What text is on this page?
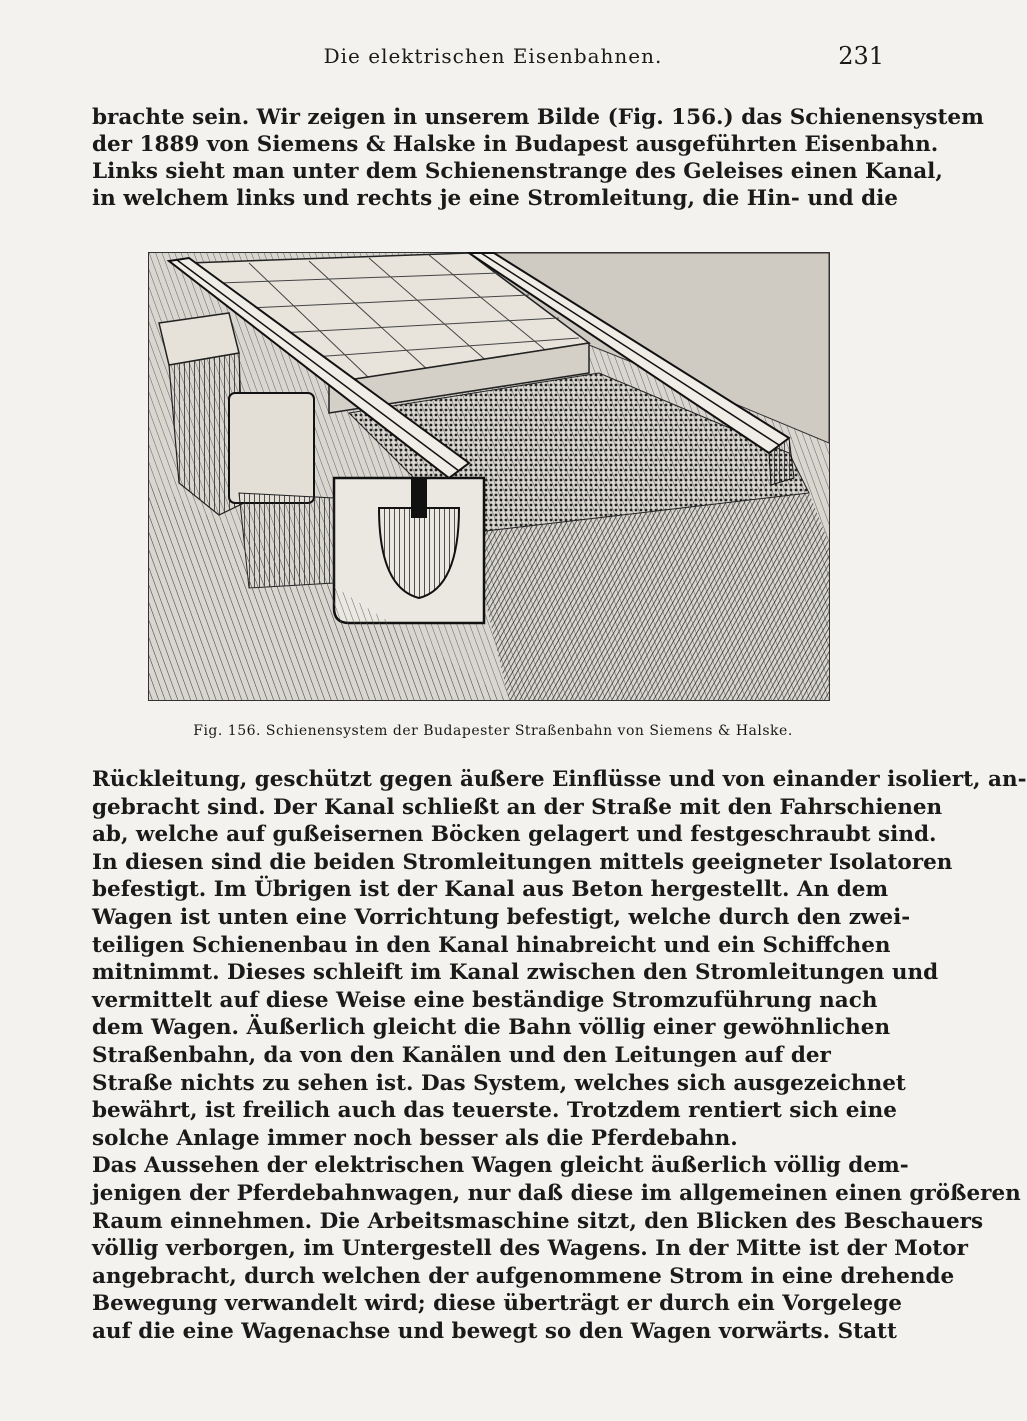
Die elektrischen Eisenbahnen.	231
brachte sein. Wir zeigen in unserem Bilde (Fig. 156.) das Schienensystem
der 1889 von Siemens & Halske in Budapest ausgeführten Eisenbahn.
Links sieht man unter dem Schienenstrange des Geleises einen Kanal,
in welchem links und rechts je eine Stromleitung, die Hin- und die
Fig. 156. Schienensystem der Budapester Straßenbahn von Siemens & Halske.
Rückleitung, geschützt gegen äußere Einflüsse und von einander isoliert, an-
gebracht sind. Der Kanal schließt an der Straße mit den Fahrschienen
ab, welche auf gußeisernen Böcken gelagert und festgeschraubt sind.
In diesen sind die beiden Stromleitungen mittels geeigneter Isolatoren
befestigt. Im Übrigen ist der Kanal aus Beton hergestellt. An dem
Wagen ist unten eine Vorrichtung befestigt, welche durch den zwei-
teiligen Schienenbau in den Kanal hinabreicht und ein Schiffchen
mitnimmt. Dieses schleift im Kanal zwischen den Stromleitungen und
vermittelt auf diese Weise eine beständige Stromzuführung nach
dem Wagen. Äußerlich gleicht die Bahn völlig einer gewöhnlichen
Straßenbahn, da von den Kanälen und den Leitungen auf der
Straße nichts zu sehen ist. Das System, welches sich ausgezeichnet
bewährt, ist freilich auch das teuerste. Trotzdem rentiert sich eine
solche Anlage immer noch besser als die Pferdebahn.
Das Aussehen der elektrischen Wagen gleicht äußerlich völlig dem-
jenigen der Pferdebahnwagen, nur daß diese im allgemeinen einen größeren
Raum einnehmen. Die Arbeitsmaschine sitzt, den Blicken des Beschauers
völlig verborgen, im Untergestell des Wagens. In der Mitte ist der Motor
angebracht, durch welchen der aufgenommene Strom in eine drehende
Bewegung verwandelt wird; diese überträgt er durch ein Vorgelege
auf die eine Wagenachse und bewegt so den Wagen vorwärts. Statt
